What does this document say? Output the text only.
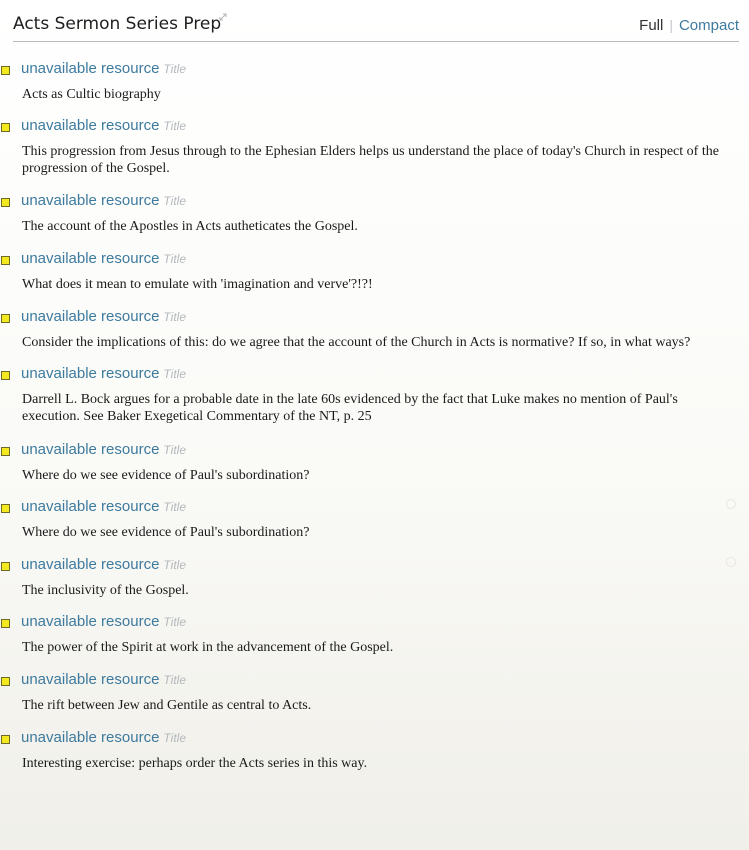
Acts Sermon Series Prep	Full | Compact
unavailable resource Title
Acts as Cultic biography
unavailable resource Title
This progression from Jesus through to the Ephesian Elders helps us understand the place of today's Church in respect of the progression of the Gospel.
unavailable resource Title
The account of the Apostles in Acts autheticates the Gospel.
unavailable resource Title
What does it mean to emulate with 'imagination and verve'?!?!
unavailable resource Title
Consider the implications of this: do we agree that the account of the Church in Acts is normative? If so, in what ways?
unavailable resource Title
Darrell L. Bock argues for a probable date in the late 60s evidenced by the fact that Luke makes no mention of Paul's execution. See Baker Exegetical Commentary of the NT, p. 25
unavailable resource Title
Where do we see evidence of Paul's subordination?
unavailable resource Title
Where do we see evidence of Paul's subordination?
unavailable resource Title
The inclusivity of the Gospel.
unavailable resource Title
The power of the Spirit at work in the advancement of the Gospel.
unavailable resource Title
The rift between Jew and Gentile as central to Acts.
unavailable resource Title
Interesting exercise: perhaps order the Acts series in this way.
